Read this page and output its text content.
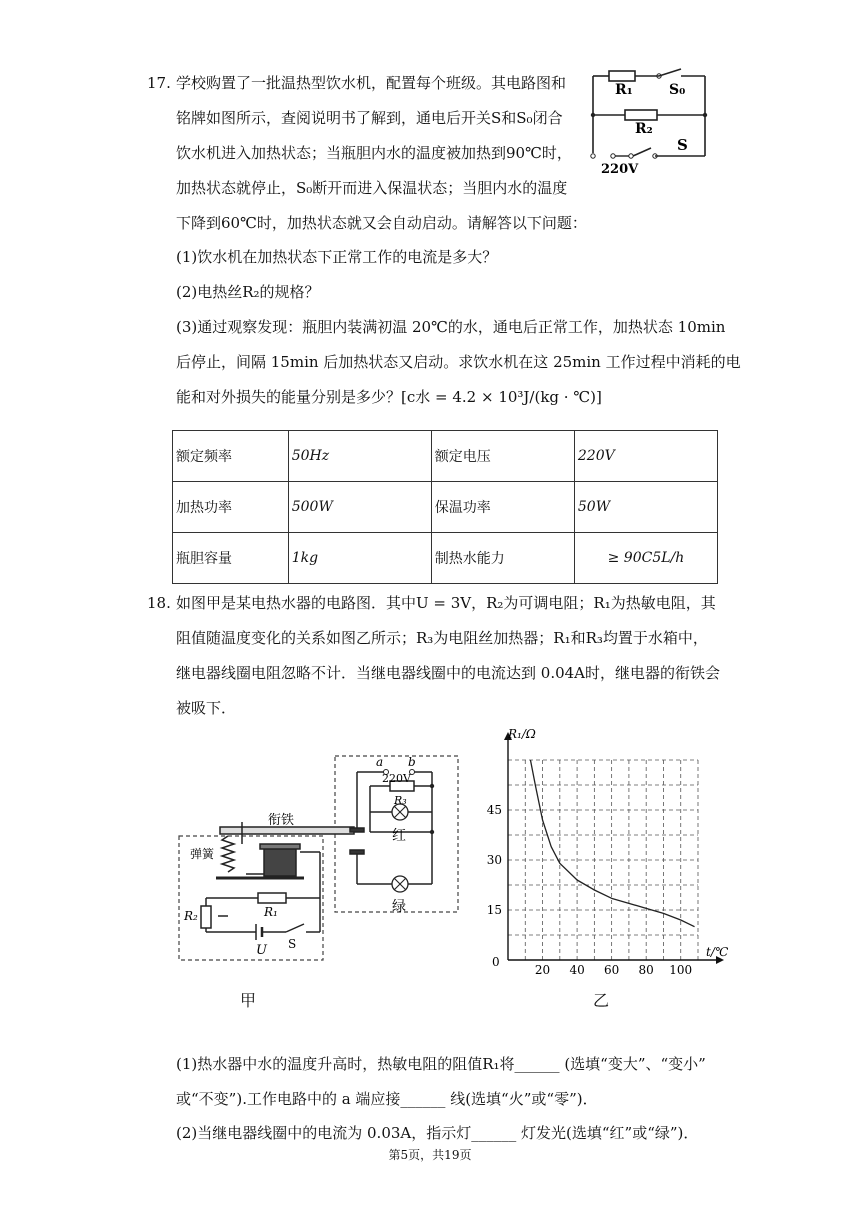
17. 学校购置了一批温热型饮水机，配置每个班级。其电路图和
铭牌如图所示，查阅说明书了解到，通电后开关S和S₀闭合
饮水机进入加热状态；当瓶胆内水的温度被加热到90℃时，
加热状态就停止，S₀断开而进入保温状态；当胆内水的温度
下降到60℃时，加热状态就又会自动启动。请解答以下问题：
(1)饮水机在加热状态下正常工作的电流是多大？
(2)电热丝R₂的规格？
(3)通过观察发现：瓶胆内装满初温 20℃的水，通电后正常工作，加热状态 10min
后停止，间隔 15min 后加热状态又启动。求饮水机在这 25min 工作过程中消耗的电
能和对外损失的能量分别是多少？[c水 = 4.2 × 10³J/(kg · ℃)]
R₁	S₀
R₂
S
220V
额定频率	50Hz	额定电压	220V
加热功率	500W	保温功率	50W
瓶胆容量	1kg	制热水能力	≥ 90C5L/h
18. 如图甲是某电热水器的电路图．其中U = 3V，R₂为可调电阻；R₁为热敏电阻，其
阻值随温度变化的关系如图乙所示；R₃为电阻丝加热器；R₁和R₃均置于水箱中，
继电器线圈电阻忽略不计．当继电器线圈中的电流达到 0.04A时，继电器的衔铁会
被吸下．
衔铁
弹簧
a b
220V
R₃
红
绿
R₁
R₂
U S
甲
20 40 60 80 100
15
30
45
R₁/Ω
t/℃
0
乙
(1)热水器中水的温度升高时，热敏电阻的阻值R₁将______ (选填“变大”、“变小”
或“不变”).工作电路中的 a 端应接______ 线(选填“火”或“零”)．
(2)当继电器线圈中的电流为 0.03A，指示灯______ 灯发光(选填“红”或“绿”)．
第5页，共19页
